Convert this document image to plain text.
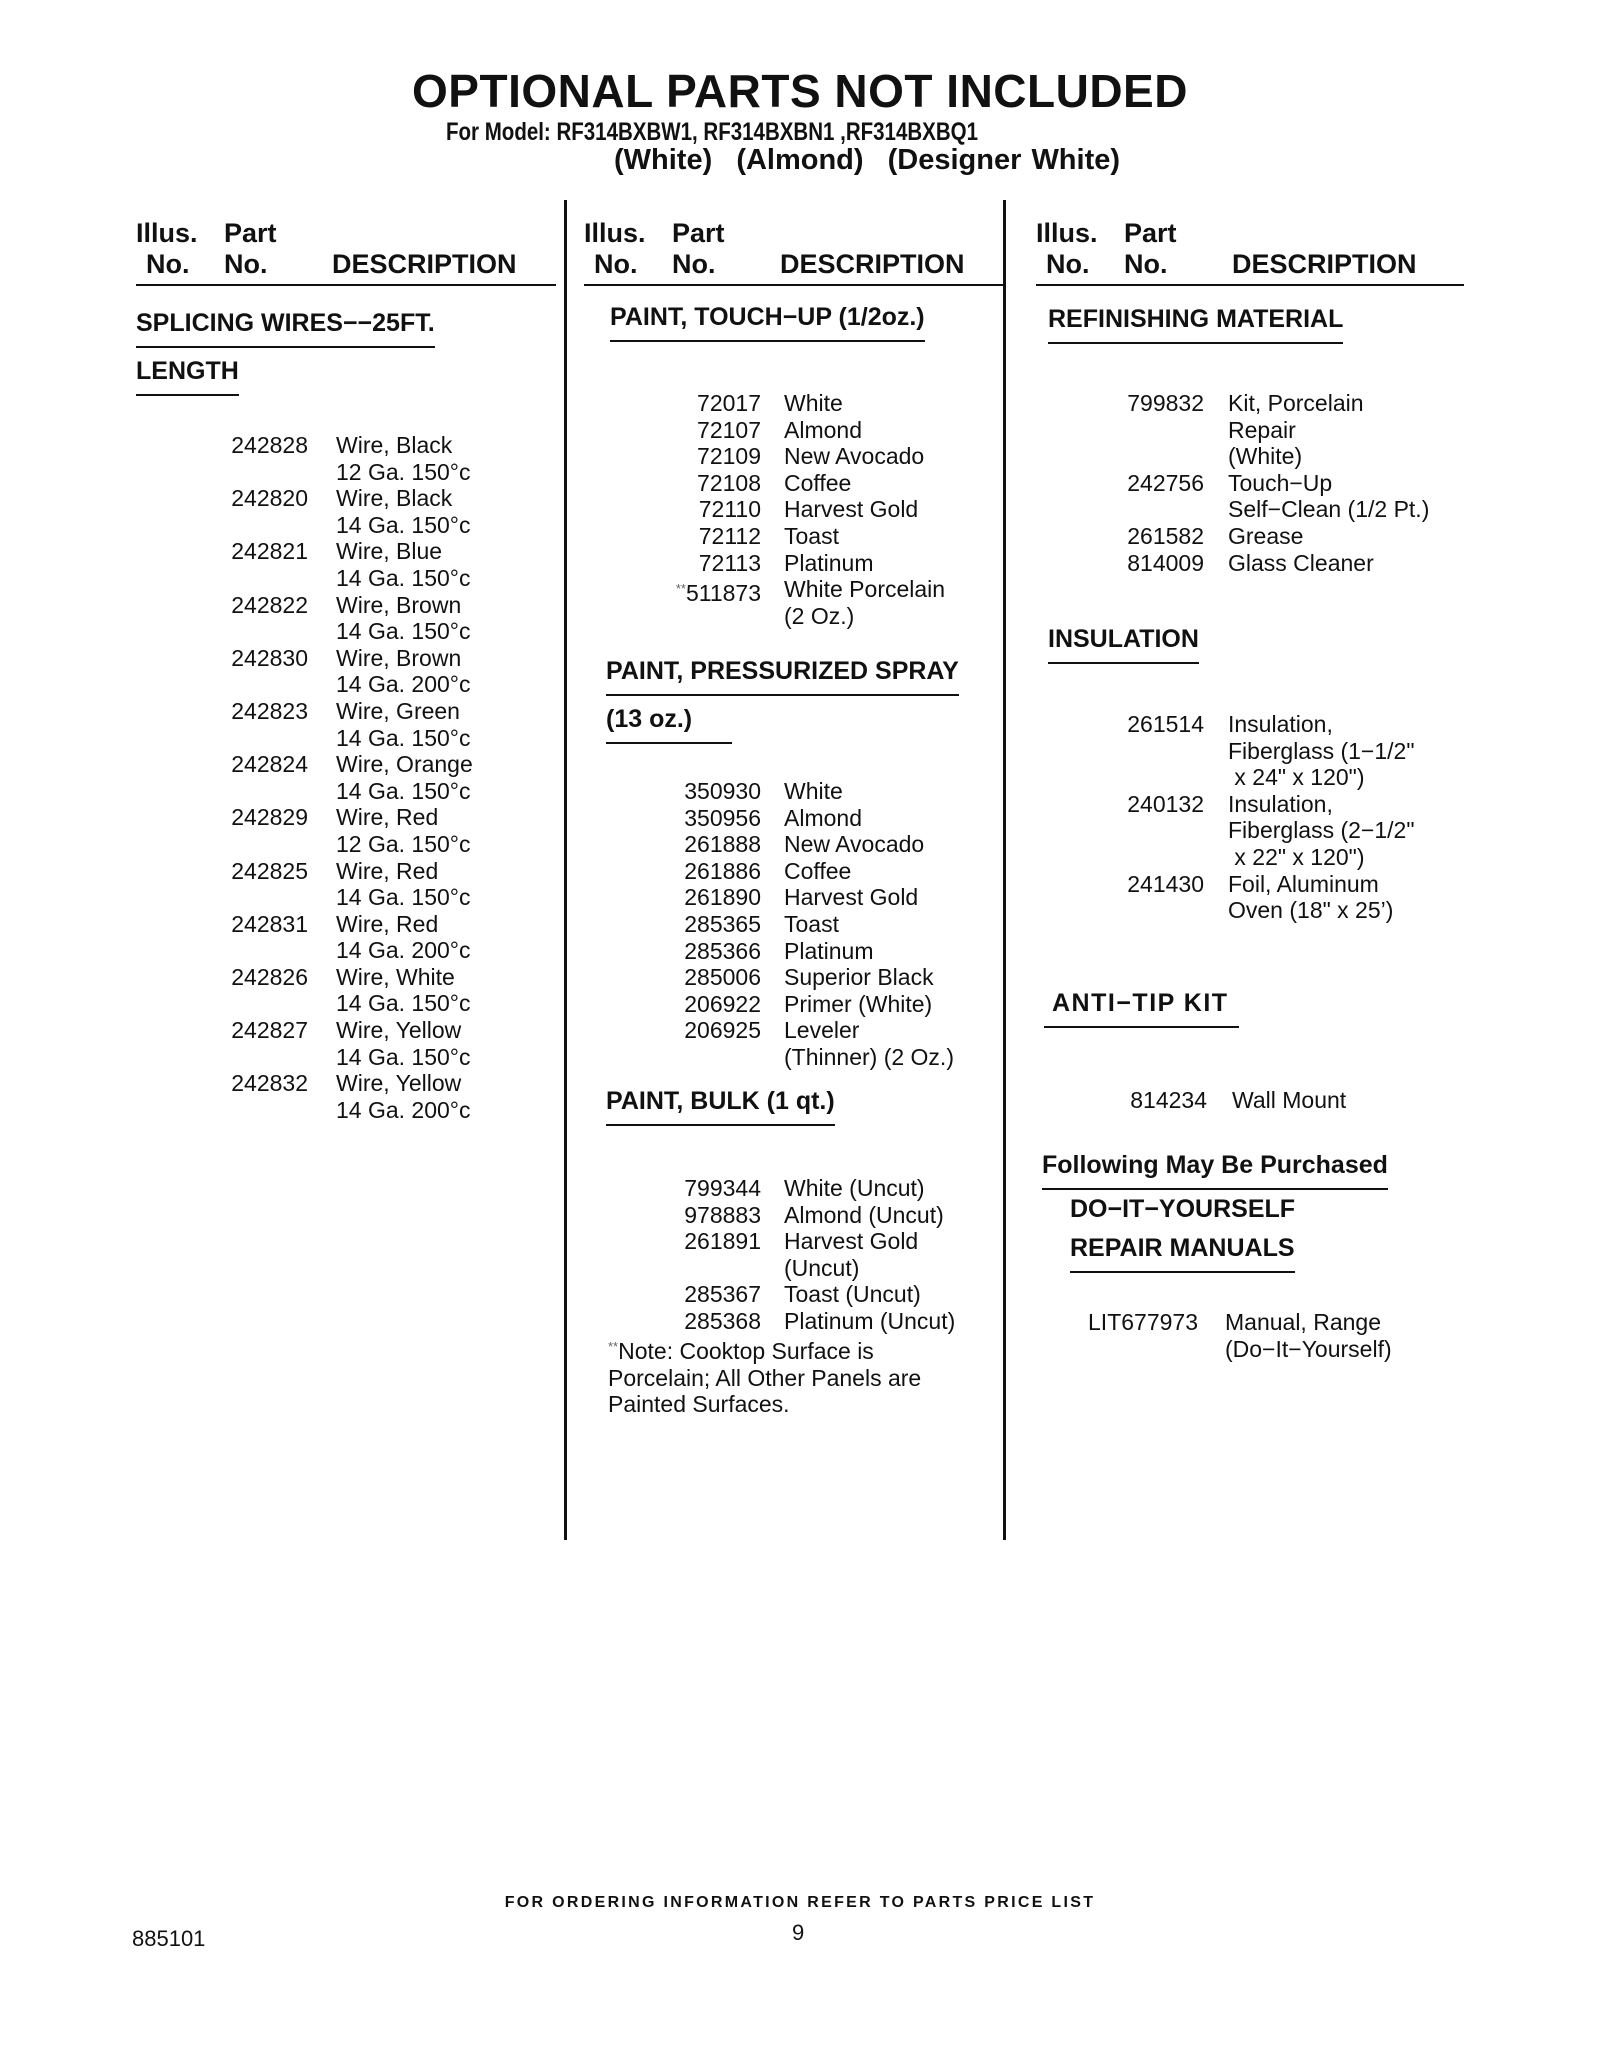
OPTIONAL PARTS NOT INCLUDED
For Model: RF314BXBW1, RF314BXBN1 ,RF314BXBQ1
(White) (Almond) (Designer White)
Illus. Part
No. No. DESCRIPTION
SPLICING WIRES−−25FT.
LENGTH
242828 Wire, Black
12 Ga. 150°c
242820 Wire, Black
14 Ga. 150°c
242821 Wire, Blue
14 Ga. 150°c
242822 Wire, Brown
14 Ga. 150°c
242830 Wire, Brown
14 Ga. 200°c
242823 Wire, Green
14 Ga. 150°c
242824 Wire, Orange
14 Ga. 150°c
242829 Wire, Red
12 Ga. 150°c
242825 Wire, Red
14 Ga. 150°c
242831 Wire, Red
14 Ga. 200°c
242826 Wire, White
14 Ga. 150°c
242827 Wire, Yellow
14 Ga. 150°c
242832 Wire, Yellow
14 Ga. 200°c
Illus. Part
No. No. DESCRIPTION
PAINT, TOUCH−UP (1/2oz.)
72017 White
72107 Almond
72109 New Avocado
72108 Coffee
72110 Harvest Gold
72112 Toast
72113 Platinum
**511873 White Porcelain
(2 Oz.)
PAINT, PRESSURIZED SPRAY
(13 oz.)
350930 White
350956 Almond
261888 New Avocado
261886 Coffee
261890 Harvest Gold
285365 Toast
285366 Platinum
285006 Superior Black
206922 Primer (White)
206925 Leveler
(Thinner) (2 Oz.)
PAINT, BULK (1 qt.)
799344 White (Uncut)
978883 Almond (Uncut)
261891 Harvest Gold
(Uncut)
285367 Toast (Uncut)
285368 Platinum (Uncut)
**Note: Cooktop Surface is
Porcelain; All Other Panels are
Painted Surfaces.
Illus. Part
No. No. DESCRIPTION
REFINISHING MATERIAL
799832 Kit, Porcelain
Repair
(White)
242756 Touch−Up
Self−Clean (1/2 Pt.)
261582 Grease
814009 Glass Cleaner
INSULATION
261514 Insulation,
Fiberglass (1−1/2"
x 24" x 120")
240132 Insulation,
Fiberglass (2−1/2"
x 22" x 120")
241430 Foil, Aluminum
Oven (18" x 25’)
ANTI−TIP KIT
814234 Wall Mount
Following May Be Purchased
DO−IT−YOURSELF
REPAIR MANUALS
LIT677973 Manual, Range
(Do−It−Yourself)
FOR ORDERING INFORMATION REFER TO PARTS PRICE LIST
885101	9
